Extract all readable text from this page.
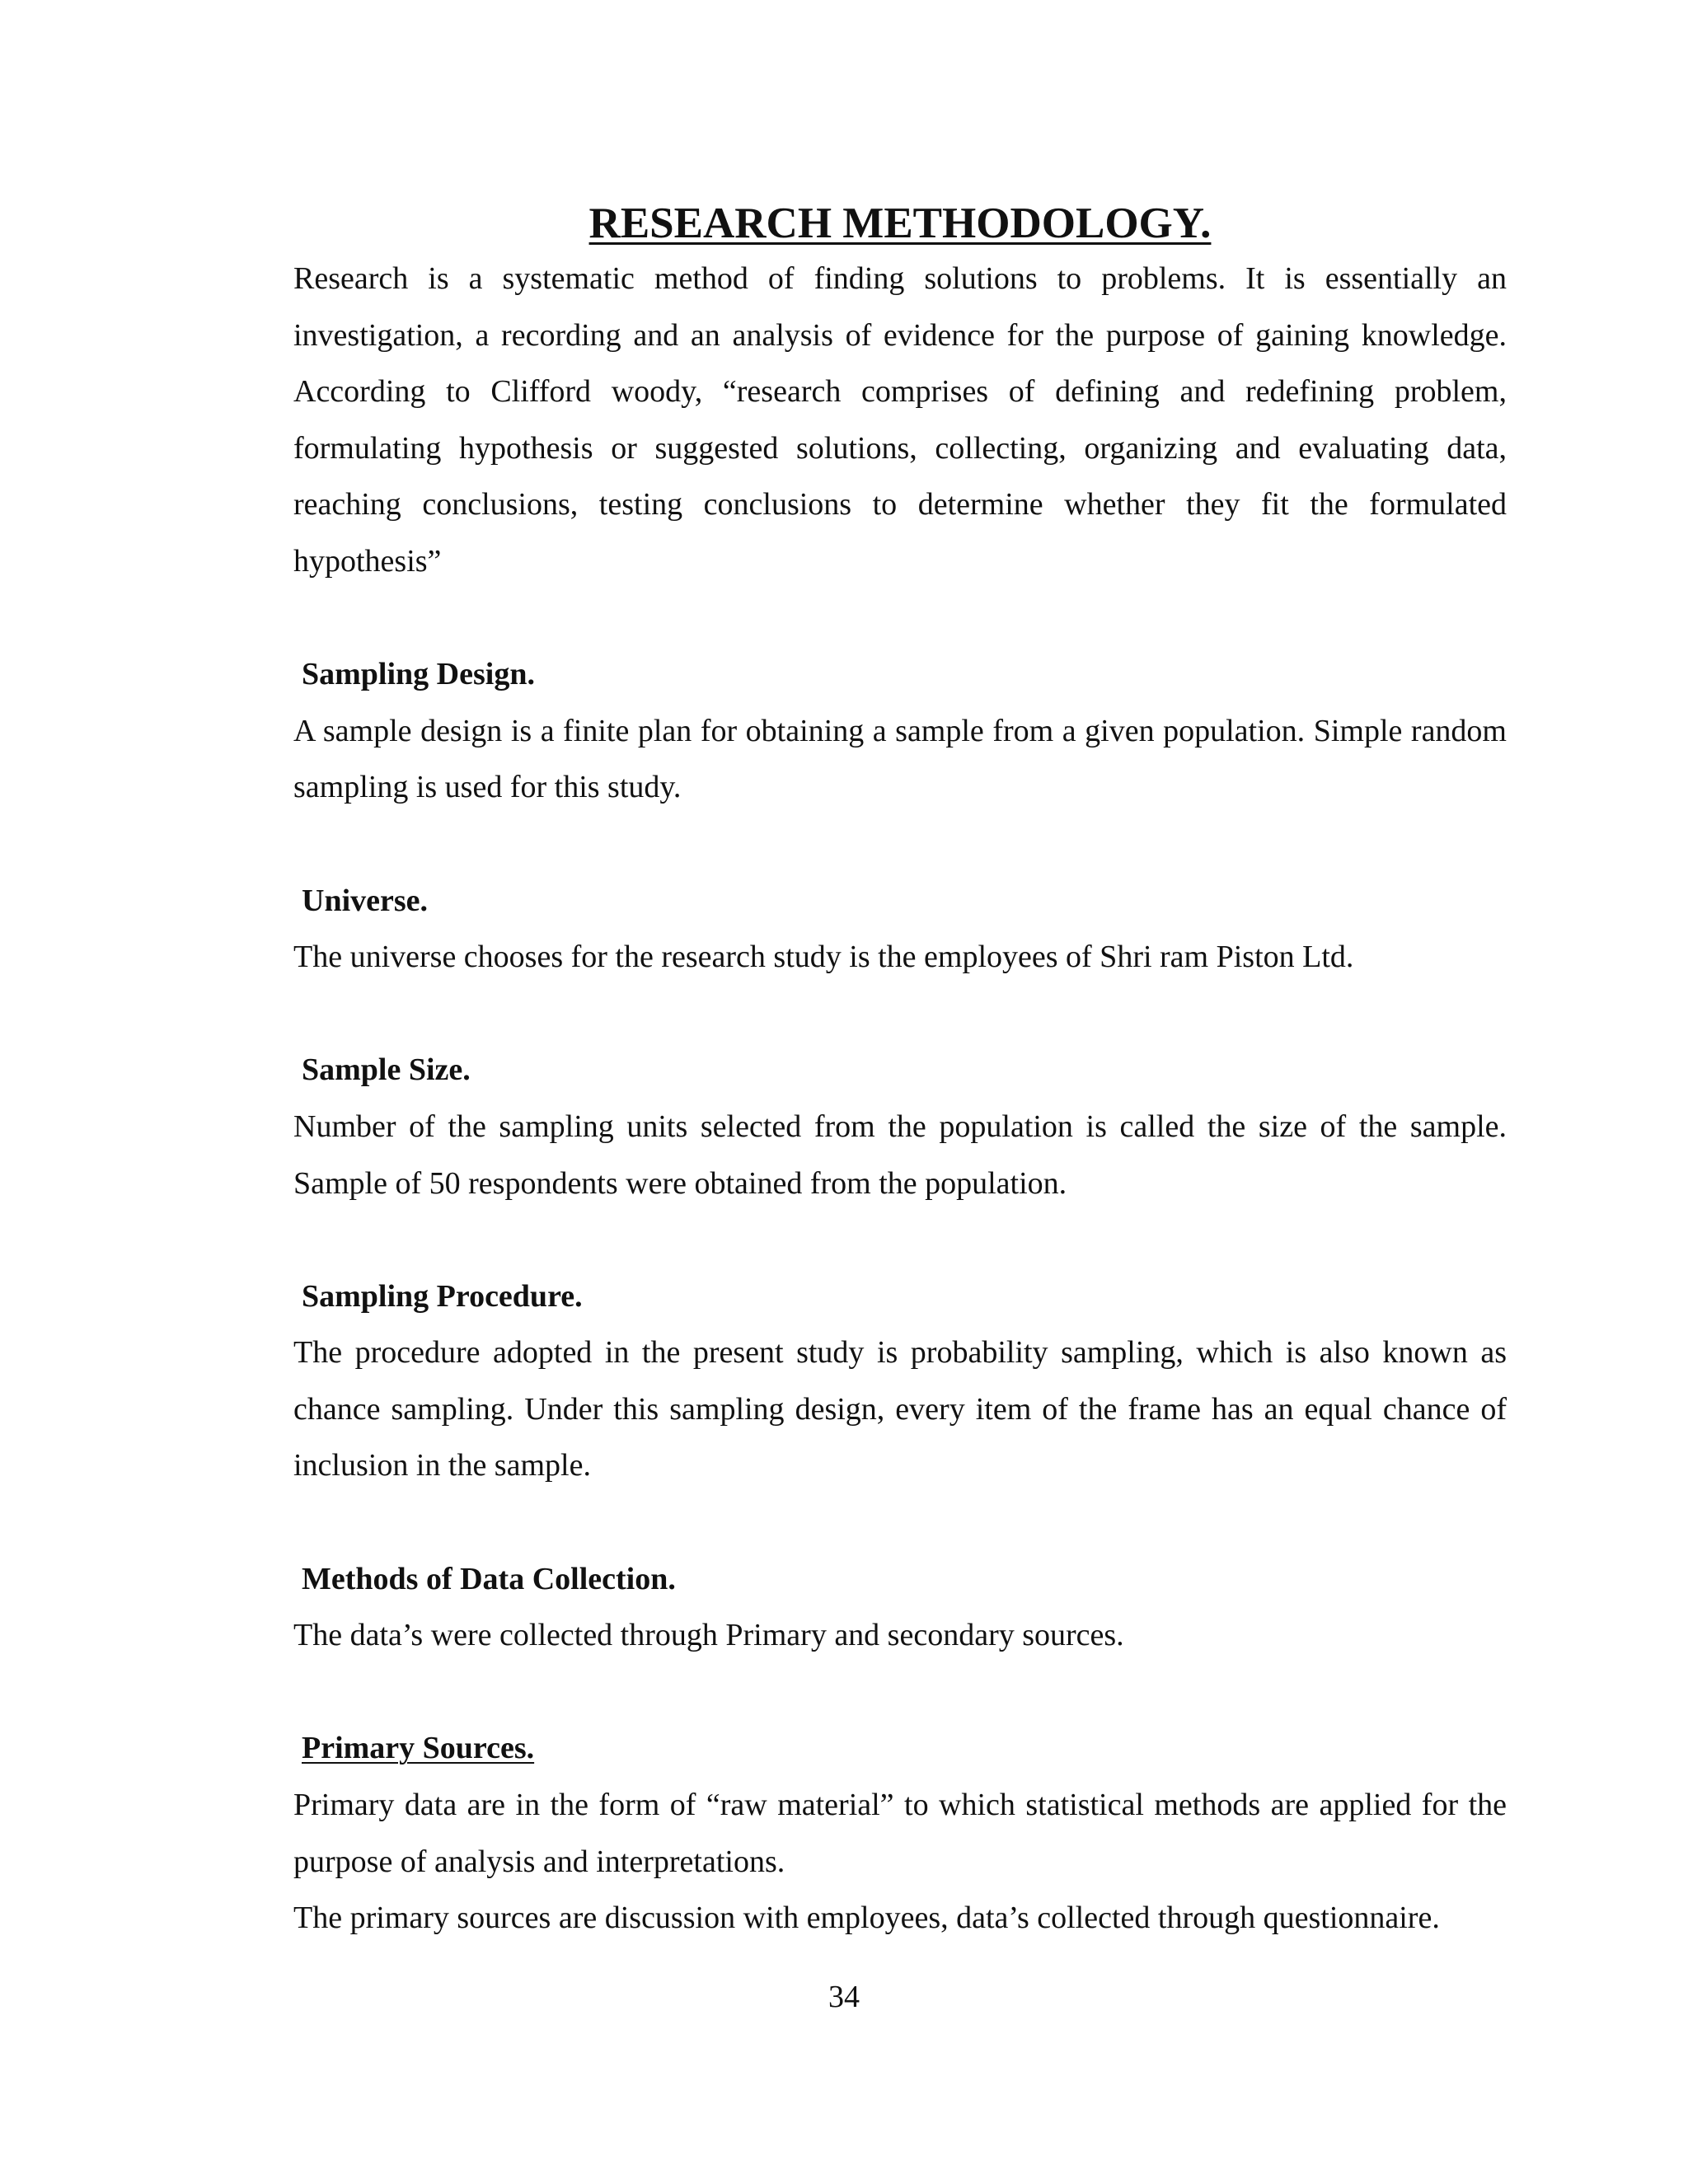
RESEARCH METHODOLOGY.

Research is a systematic method of finding solutions to problems. It is essentially an investigation, a recording and an analysis of evidence for the purpose of gaining knowledge. According to Clifford woody, “research comprises of defining and redefining problem, formulating hypothesis or suggested solutions, collecting, organizing and evaluating data, reaching conclusions, testing conclusions to determine whether they fit the formulated hypothesis”

Sampling Design.

A sample design is a finite plan for obtaining a sample from a given population. Simple random sampling is used for this study.

Universe.

The universe chooses for the research study is the employees of Shri ram Piston Ltd.

Sample Size.

Number of the sampling units selected from the population is called the size of the sample. Sample of 50 respondents were obtained from the population.

Sampling Procedure.

The procedure adopted in the present study is probability sampling, which is also known as chance sampling. Under this sampling design, every item of the frame has an equal chance of inclusion in the sample.

Methods of Data Collection.

The data’s were collected through Primary and secondary sources.

Primary Sources.

Primary data are in the form of “raw material” to which statistical methods are applied for the purpose of analysis and interpretations.

The primary sources are discussion with employees, data’s collected through questionnaire.

34
